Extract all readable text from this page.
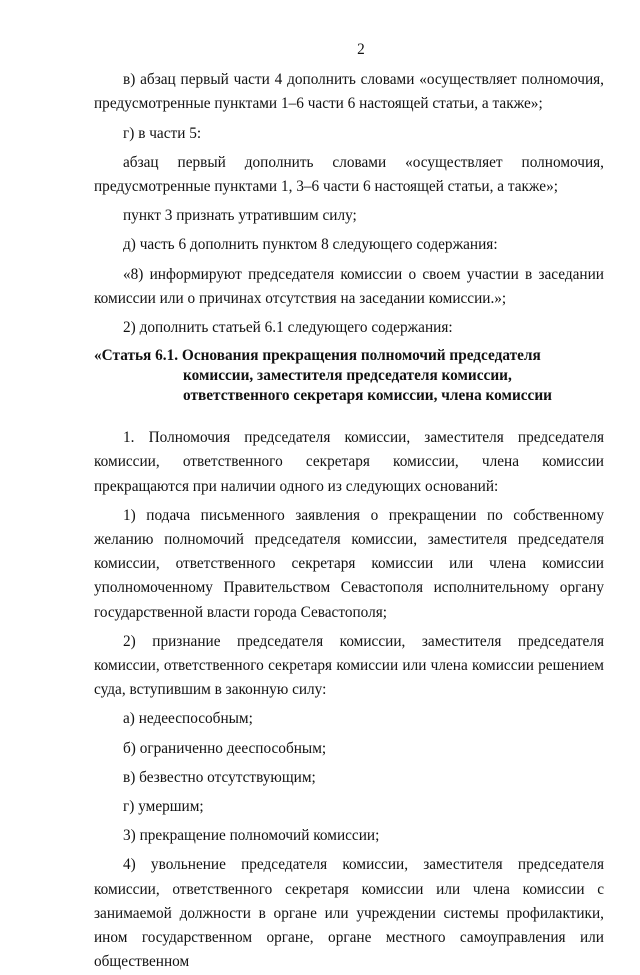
2

в) абзац первый части 4 дополнить словами «осуществляет полномочия, предусмотренные пунктами 1–6 части 6 настоящей статьи, а также»;

г) в части 5:

абзац первый дополнить словами «осуществляет полномочия, предусмотренные пунктами 1, 3–6 части 6 настоящей статьи, а также»;

пункт 3 признать утратившим силу;

д) часть 6 дополнить пунктом 8 следующего содержания:

«8) информируют председателя комиссии о своем участии в заседании комиссии или о причинах отсутствия на заседании комиссии.»;

2) дополнить статьей 6.1 следующего содержания:

«Статья 6.1. Основания прекращения полномочий председателя
комиссии, заместителя председателя комиссии,
ответственного секретаря комиссии, члена комиссии

1. Полномочия председателя комиссии, заместителя председателя комиссии, ответственного секретаря комиссии, члена комиссии прекращаются при наличии одного из следующих оснований:

1) подача письменного заявления о прекращении по собственному желанию полномочий председателя комиссии, заместителя председателя комиссии, ответственного секретаря комиссии или члена комиссии уполномоченному Правительством Севастополя исполнительному органу государственной власти города Севастополя;

2) признание председателя комиссии, заместителя председателя комиссии, ответственного секретаря комиссии или члена комиссии решением суда, вступившим в законную силу:

а) недееспособным;

б) ограниченно дееспособным;

в) безвестно отсутствующим;

г) умершим;

3) прекращение полномочий комиссии;

4) увольнение председателя комиссии, заместителя председателя комиссии, ответственного секретаря комиссии или члена комиссии с занимаемой должности в органе или учреждении системы профилактики, ином государственном органе, органе местного самоуправления или общественном
